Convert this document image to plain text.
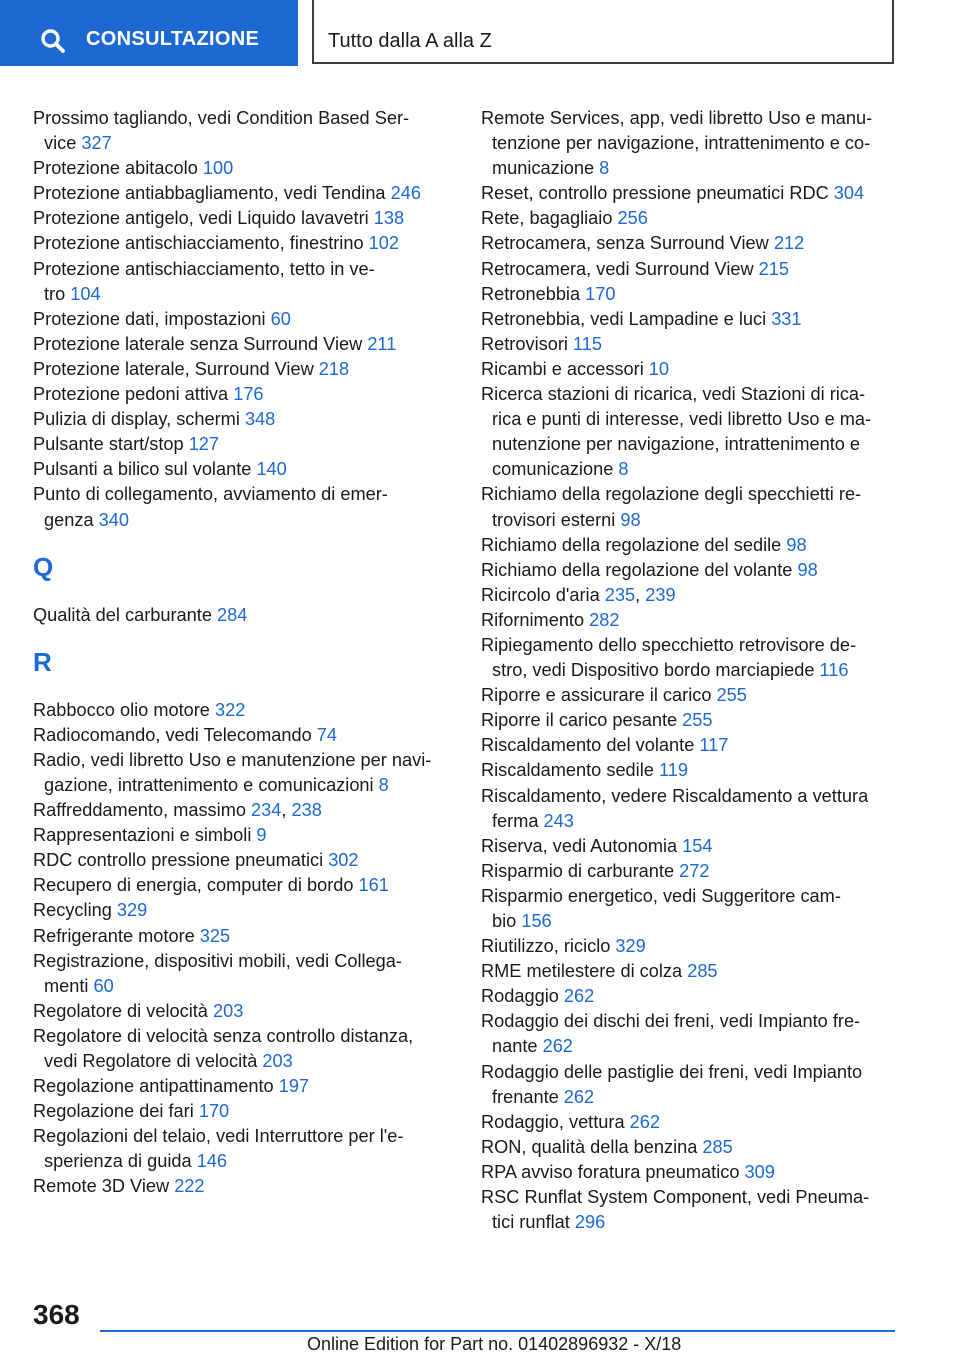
CONSULTAZIONE	Tutto dalla A alla Z
Prossimo tagliando, vedi Condition Based Ser-
vice 327
Protezione abitacolo 100
Protezione antiabbagliamento, vedi Tendina 246
Protezione antigelo, vedi Liquido lavavetri 138
Protezione antischiacciamento, finestrino 102
Protezione antischiacciamento, tetto in ve-
tro 104
Protezione dati, impostazioni 60
Protezione laterale senza Surround View 211
Protezione laterale, Surround View 218
Protezione pedoni attiva 176
Pulizia di display, schermi 348
Pulsante start/stop 127
Pulsanti a bilico sul volante 140
Punto di collegamento, avviamento di emer-
genza 340
Q
Qualità del carburante 284
R
Rabbocco olio motore 322
Radiocomando, vedi Telecomando 74
Radio, vedi libretto Uso e manutenzione per navi-
gazione, intrattenimento e comunicazioni 8
Raffreddamento, massimo 234, 238
Rappresentazioni e simboli 9
RDC controllo pressione pneumatici 302
Recupero di energia, computer di bordo 161
Recycling 329
Refrigerante motore 325
Registrazione, dispositivi mobili, vedi Collega-
menti 60
Regolatore di velocità 203
Regolatore di velocità senza controllo distanza,
vedi Regolatore di velocità 203
Regolazione antipattinamento 197
Regolazione dei fari 170
Regolazioni del telaio, vedi Interruttore per l'e-
sperienza di guida 146
Remote 3D View 222
Remote Services, app, vedi libretto Uso e manu-
tenzione per navigazione, intrattenimento e co-
municazione 8
Reset, controllo pressione pneumatici RDC 304
Rete, bagagliaio 256
Retrocamera, senza Surround View 212
Retrocamera, vedi Surround View 215
Retronebbia 170
Retronebbia, vedi Lampadine e luci 331
Retrovisori 115
Ricambi e accessori 10
Ricerca stazioni di ricarica, vedi Stazioni di rica-
rica e punti di interesse, vedi libretto Uso e ma-
nutenzione per navigazione, intrattenimento e
comunicazione 8
Richiamo della regolazione degli specchietti re-
trovisori esterni 98
Richiamo della regolazione del sedile 98
Richiamo della regolazione del volante 98
Ricircolo d'aria 235, 239
Rifornimento 282
Ripiegamento dello specchietto retrovisore de-
stro, vedi Dispositivo bordo marciapiede 116
Riporre e assicurare il carico 255
Riporre il carico pesante 255
Riscaldamento del volante 117
Riscaldamento sedile 119
Riscaldamento, vedere Riscaldamento a vettura
ferma 243
Riserva, vedi Autonomia 154
Risparmio di carburante 272
Risparmio energetico, vedi Suggeritore cam-
bio 156
Riutilizzo, riciclo 329
RME metilestere di colza 285
Rodaggio 262
Rodaggio dei dischi dei freni, vedi Impianto fre-
nante 262
Rodaggio delle pastiglie dei freni, vedi Impianto
frenante 262
Rodaggio, vettura 262
RON, qualità della benzina 285
RPA avviso foratura pneumatico 309
RSC Runflat System Component, vedi Pneuma-
tici runflat 296
368
Online Edition for Part no. 01402896932 - X/18
